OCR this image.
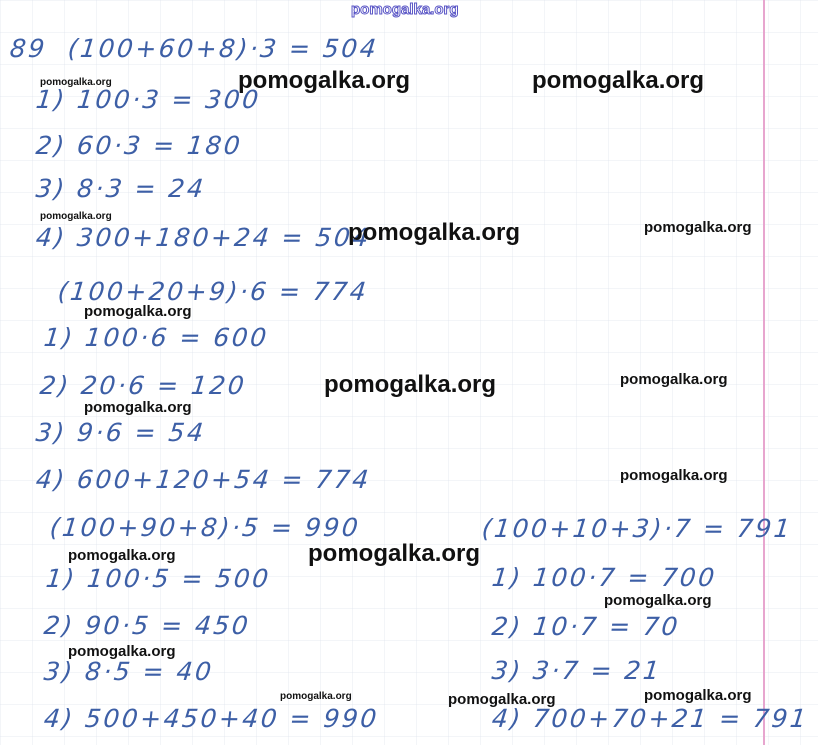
pomogalka.org
89 (100+60+8)·3 = 504
1) 100·3 = 300
2) 60·3 = 180
3) 8·3 = 24
4) 300+180+24 = 504
(100+20+9)·6 = 774
1) 100·6 = 600
2) 20·6 = 120
3) 9·6 = 54
4) 600+120+54 = 774
(100+90+8)·5 = 990
1) 100·5 = 500
2) 90·5 = 450
3) 8·5 = 40
4) 500+450+40 = 990
(100+10+3)·7 = 791
1) 100·7 = 700
2) 10·7 = 70
3) 3·7 = 21
4) 700+70+21 = 791
pomogalka.org	pomogalka.org
pomogalka.org
pomogalka.org
pomogalka.org	pomogalka.org
pomogalka.org
pomogalka.org	pomogalka.org
pomogalka.org
pomogalka.org
pomogalka.org
pomogalka.org
pomogalka.org
pomogalka.org
pomogalka.org	pomogalka.org	pomogalka.org
